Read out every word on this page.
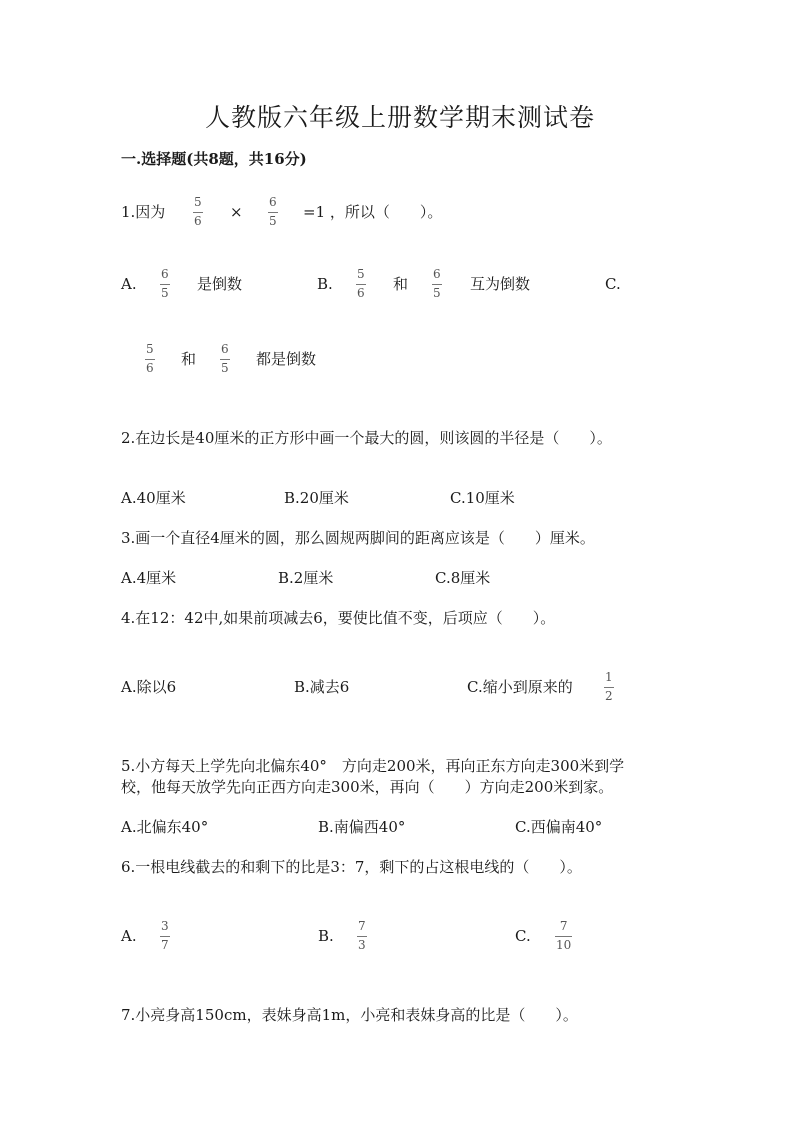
人教版六年级上册数学期末测试卷
一.选择题(共8题，共16分)
1.因为
5
6 ×
6
5 =1 ，所以（　　）。
A.
6
5 是倒数	B.
5
6 和
6
5 互为倒数	C.
5
6 和
6
5 都是倒数
2.在边长是40厘米的正方形中画一个最大的圆，则该圆的半径是（　　）。
A.40厘米	B.20厘米	C.10厘米
3.画一个直径4厘米的圆，那么圆规两脚间的距离应该是（　　）厘米。
A.4厘米	B.2厘米	C.8厘米
4.在12：42中,如果前项减去6，要使比值不变，后项应（　　）。
A.除以6	B.减去6	C.缩小到原来的
1
2
5.小方每天上学先向北偏东40°　方向走200米，再向正东方向走300米到学
校，他每天放学先向正西方向走300米，再向（　　）方向走200米到家。
A.北偏东40°	B.南偏西40°	C.西偏南40°
6.一根电线截去的和剩下的比是3：7，剩下的占这根电线的（　　）。
A.
3
7	B.
7
3	C.
7
10
7.小亮身高150cm，表妹身高1m，小亮和表妹身高的比是（　　）。
